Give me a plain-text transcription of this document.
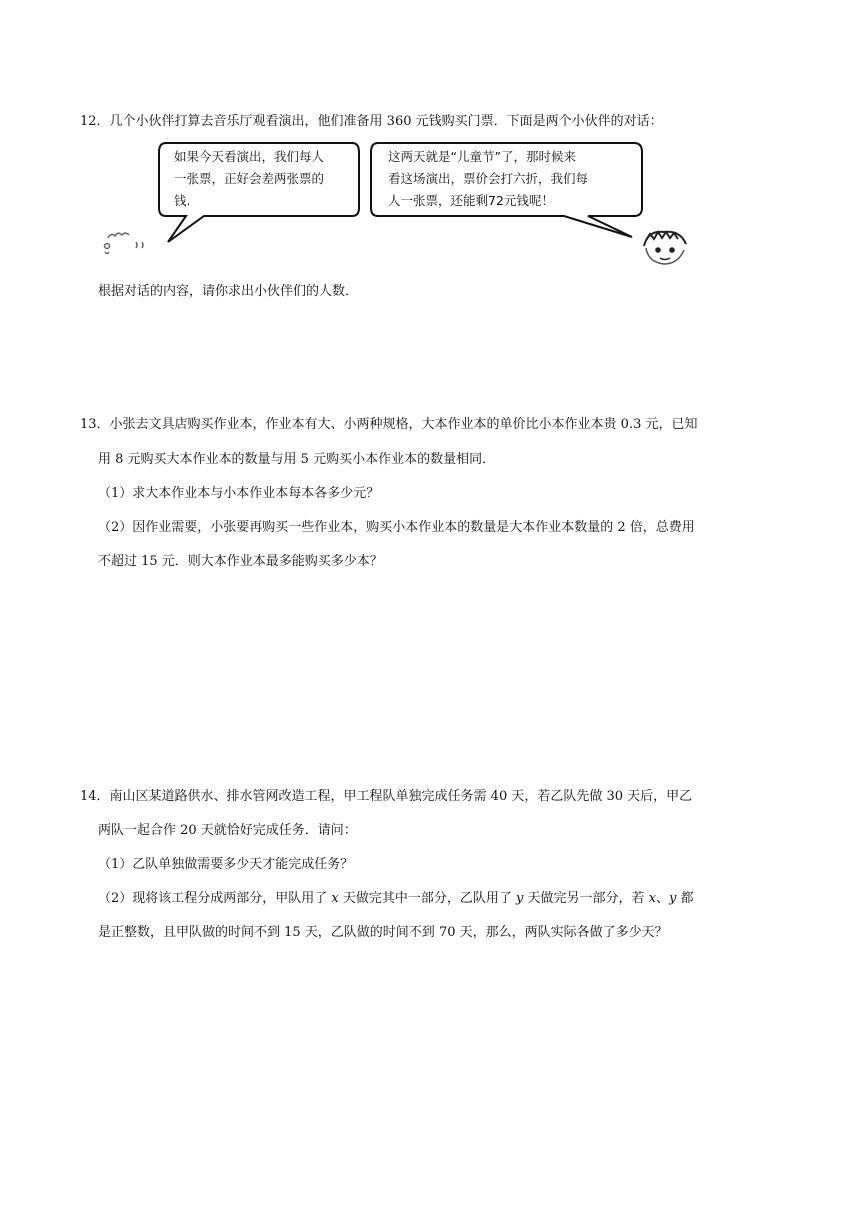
12．几个小伙伴打算去音乐厅观看演出，他们准备用 360 元钱购买门票．下面是两个小伙伴的对话：
如果今天看演出，我们每人
一张票，正好会差两张票的
钱.
这两天就是“儿童节”了，那时候来
看这场演出，票价会打六折，我们每
人一张票，还能剩72元钱呢！
根据对话的内容，请你求出小伙伴们的人数．
13．小张去文具店购买作业本，作业本有大、小两种规格，大本作业本的单价比小本作业本贵 0.3 元，已知
用 8 元购买大本作业本的数量与用 5 元购买小本作业本的数量相同．
（1）求大本作业本与小本作业本每本各多少元？
（2）因作业需要，小张要再购买一些作业本，购买小本作业本的数量是大本作业本数量的 2 倍，总费用
不超过 15 元．则大本作业本最多能购买多少本？
14．南山区某道路供水、排水管网改造工程，甲工程队单独完成任务需 40 天，若乙队先做 30 天后，甲乙
两队一起合作 20 天就恰好完成任务．请问：
（1）乙队单独做需要多少天才能完成任务？
（2）现将该工程分成两部分，甲队用了 x 天做完其中一部分，乙队用了 y 天做完另一部分，若 x、y 都
是正整数，且甲队做的时间不到 15 天，乙队做的时间不到 70 天，那么，两队实际各做了多少天？
